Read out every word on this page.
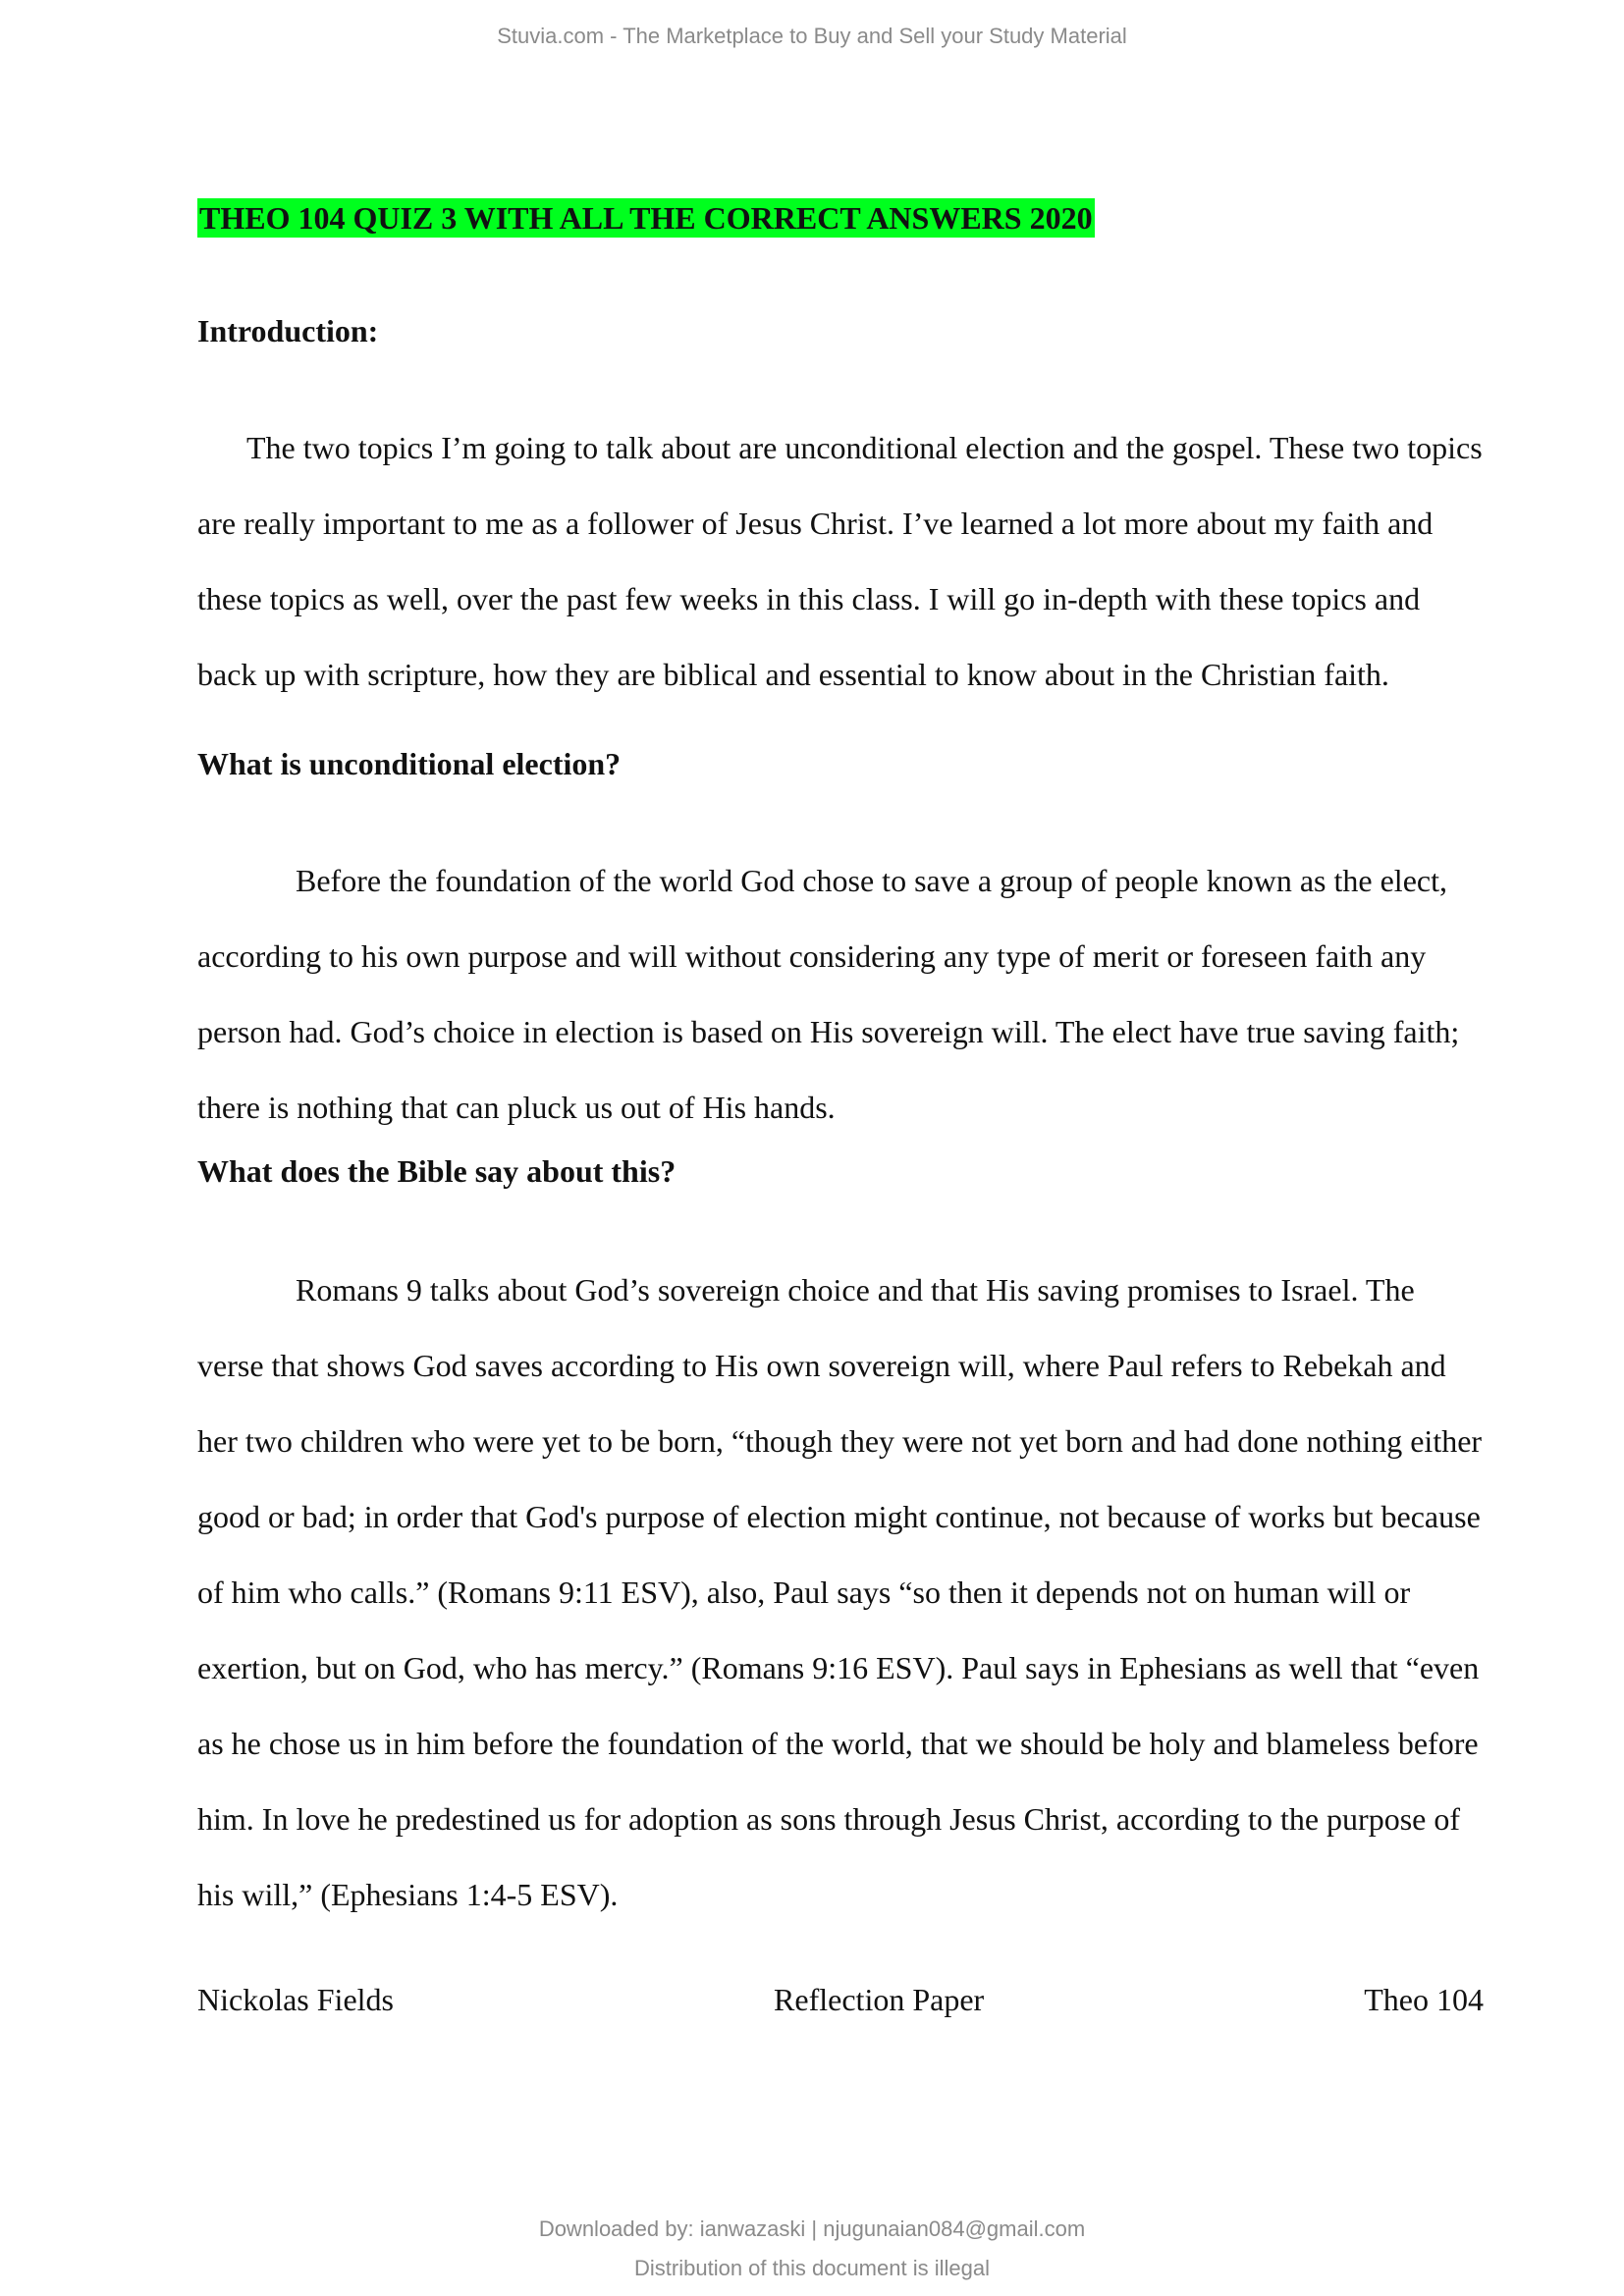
Stuvia.com - The Marketplace to Buy and Sell your Study Material
THEO 104 QUIZ 3 WITH ALL THE CORRECT ANSWERS 2020
Introduction:

The two topics I’m going to talk about are unconditional election and the gospel. These two topics are really important to me as a follower of Jesus Christ. I’ve learned a lot more about my faith and these topics as well, over the past few weeks in this class. I will go in-depth with these topics and back up with scripture, how they are biblical and essential to know about in the Christian faith.

What is unconditional election?

Before the foundation of the world God chose to save a group of people known as the elect, according to his own purpose and will without considering any type of merit or foreseen faith any person had. God’s choice in election is based on His sovereign will. The elect have true saving faith; there is nothing that can pluck us out of His hands.

What does the Bible say about this?

Romans 9 talks about God’s sovereign choice and that His saving promises to Israel. The verse that shows God saves according to His own sovereign will, where Paul refers to Rebekah and her two children who were yet to be born, “though they were not yet born and had done nothing either good or bad; in order that God's purpose of election might continue, not because of works but because of him who calls.” (Romans 9:11 ESV), also, Paul says “so then it depends not on human will or exertion, but on God, who has mercy.” (Romans 9:16 ESV). Paul says in Ephesians as well that “even as he chose us in him before the foundation of the world, that we should be holy and blameless before him. In love he predestined us for adoption as sons through Jesus Christ, according to the purpose of his will,” (Ephesians 1:4-5 ESV).

Nickolas Fields	Reflection Paper	Theo 104
Downloaded by: ianwazaski | njugunaian084@gmail.com
Distribution of this document is illegal
